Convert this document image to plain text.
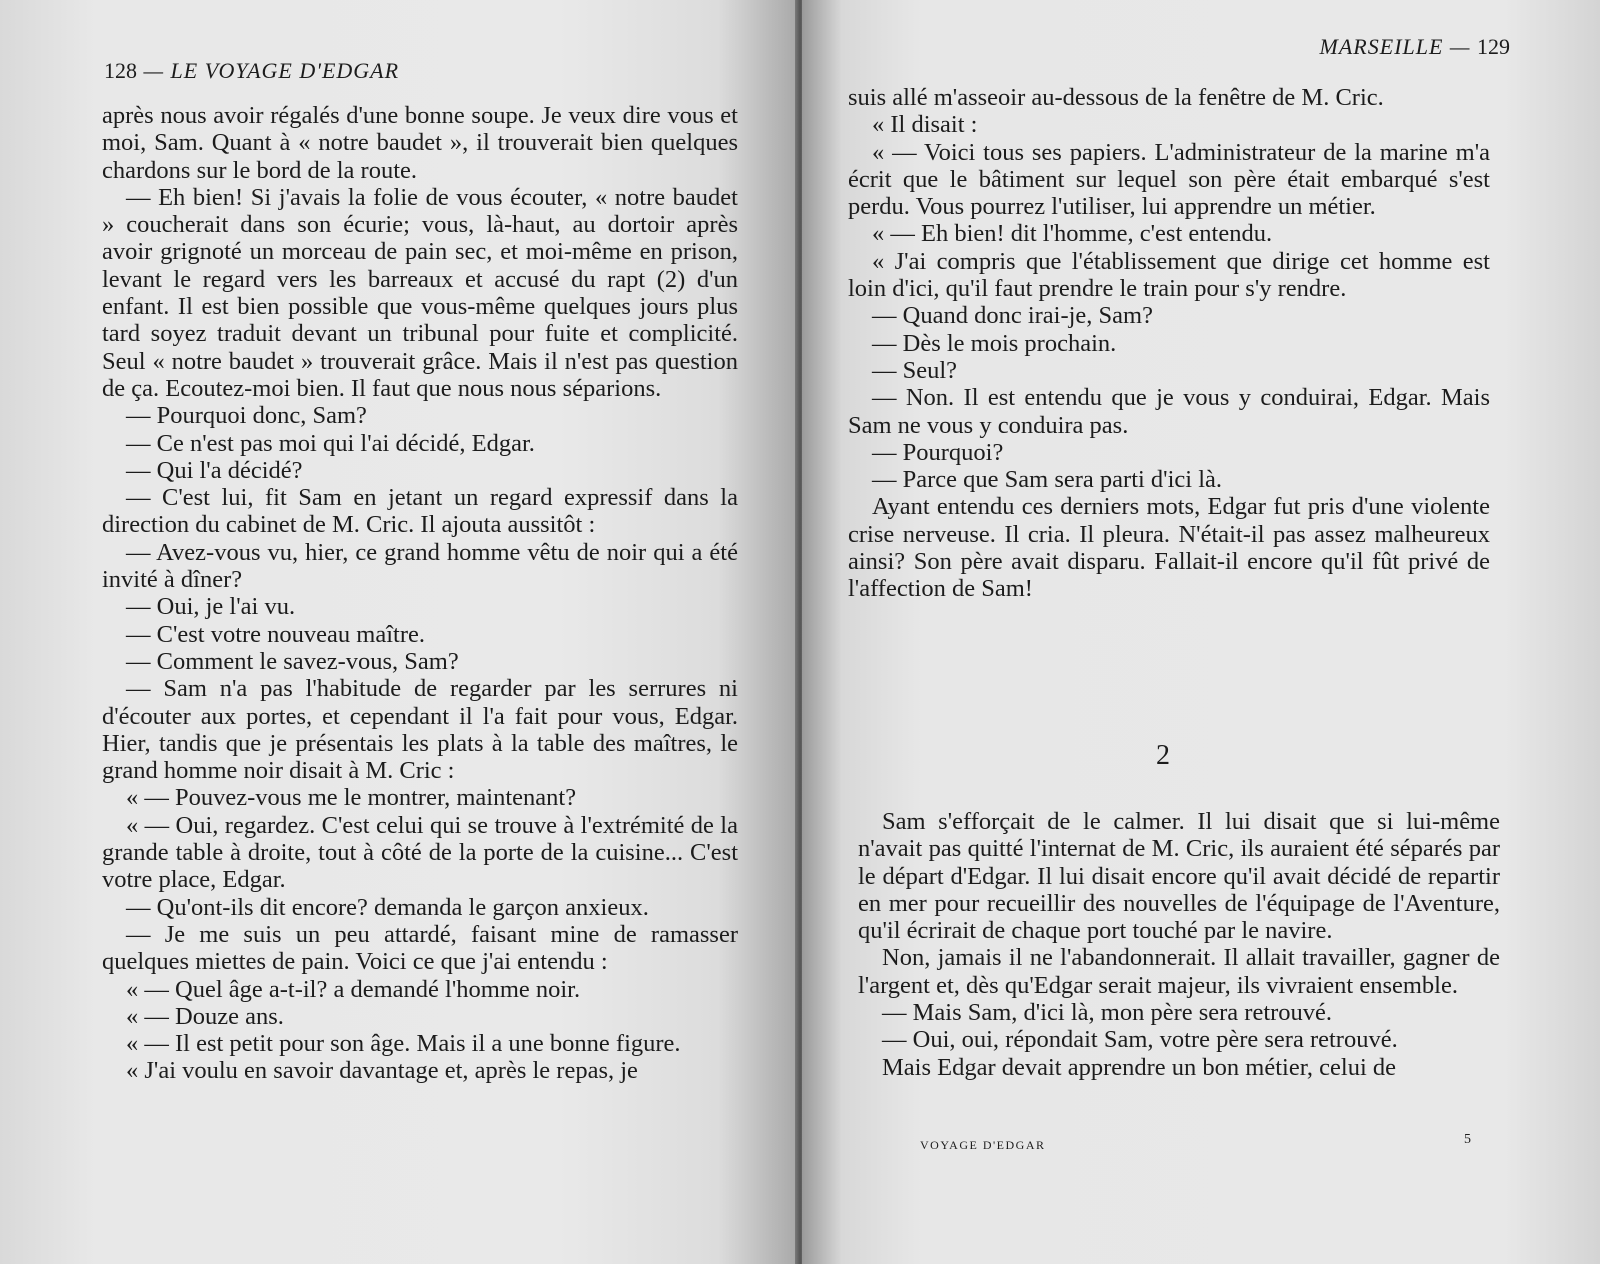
128 — LE VOYAGE D'EDGAR

après nous avoir régalés d'une bonne soupe. Je veux dire vous et moi, Sam. Quant à « notre baudet », il trouverait bien quelques chardons sur le bord de la route.

— Eh bien! Si j'avais la folie de vous écouter, « notre baudet » coucherait dans son écurie; vous, là-haut, au dortoir après avoir grignoté un morceau de pain sec, et moi-même en prison, levant le regard vers les barreaux et accusé du rapt (2) d'un enfant. Il est bien possible que vous-même quelques jours plus tard soyez traduit devant un tribunal pour fuite et complicité. Seul « notre baudet » trouverait grâce. Mais il n'est pas question de ça. Ecoutez-moi bien. Il faut que nous nous séparions.

— Pourquoi donc, Sam?

— Ce n'est pas moi qui l'ai décidé, Edgar.

— Qui l'a décidé?

— C'est lui, fit Sam en jetant un regard expressif dans la direction du cabinet de M. Cric. Il ajouta aussitôt :

— Avez-vous vu, hier, ce grand homme vêtu de noir qui a été invité à dîner?

— Oui, je l'ai vu.

— C'est votre nouveau maître.

— Comment le savez-vous, Sam?

— Sam n'a pas l'habitude de regarder par les serrures ni d'écouter aux portes, et cependant il l'a fait pour vous, Edgar. Hier, tandis que je présentais les plats à la table des maîtres, le grand homme noir disait à M. Cric :

« — Pouvez-vous me le montrer, maintenant?

« — Oui, regardez. C'est celui qui se trouve à l'extrémité de la grande table à droite, tout à côté de la porte de la cuisine... C'est votre place, Edgar.

— Qu'ont-ils dit encore? demanda le garçon anxieux.

— Je me suis un peu attardé, faisant mine de ramasser quelques miettes de pain. Voici ce que j'ai entendu :

« — Quel âge a-t-il? a demandé l'homme noir.

« — Douze ans.

« — Il est petit pour son âge. Mais il a une bonne figure.

« J'ai voulu en savoir davantage et, après le repas, je

MARSEILLE — 129

suis allé m'asseoir au-dessous de la fenêtre de M. Cric.

« Il disait :

« — Voici tous ses papiers. L'administrateur de la marine m'a écrit que le bâtiment sur lequel son père était embarqué s'est perdu. Vous pourrez l'utiliser, lui apprendre un métier.

« — Eh bien! dit l'homme, c'est entendu.

« J'ai compris que l'établissement que dirige cet homme est loin d'ici, qu'il faut prendre le train pour s'y rendre.

— Quand donc irai-je, Sam?

— Dès le mois prochain.

— Seul?

— Non. Il est entendu que je vous y conduirai, Edgar. Mais Sam ne vous y conduira pas.

— Pourquoi?

— Parce que Sam sera parti d'ici là.

Ayant entendu ces derniers mots, Edgar fut pris d'une violente crise nerveuse. Il cria. Il pleura. N'était-il pas assez malheureux ainsi? Son père avait disparu. Fallait-il encore qu'il fût privé de l'affection de Sam!

2

Sam s'efforçait de le calmer. Il lui disait que si lui-même n'avait pas quitté l'internat de M. Cric, ils auraient été séparés par le départ d'Edgar. Il lui disait encore qu'il avait décidé de repartir en mer pour recueillir des nouvelles de l'équipage de l'Aventure, qu'il écrirait de chaque port touché par le navire.

Non, jamais il ne l'abandonnerait. Il allait travailler, gagner de l'argent et, dès qu'Edgar serait majeur, ils vivraient ensemble.

— Mais Sam, d'ici là, mon père sera retrouvé.

— Oui, oui, répondait Sam, votre père sera retrouvé.

Mais Edgar devait apprendre un bon métier, celui de

VOYAGE D'EDGAR	5
